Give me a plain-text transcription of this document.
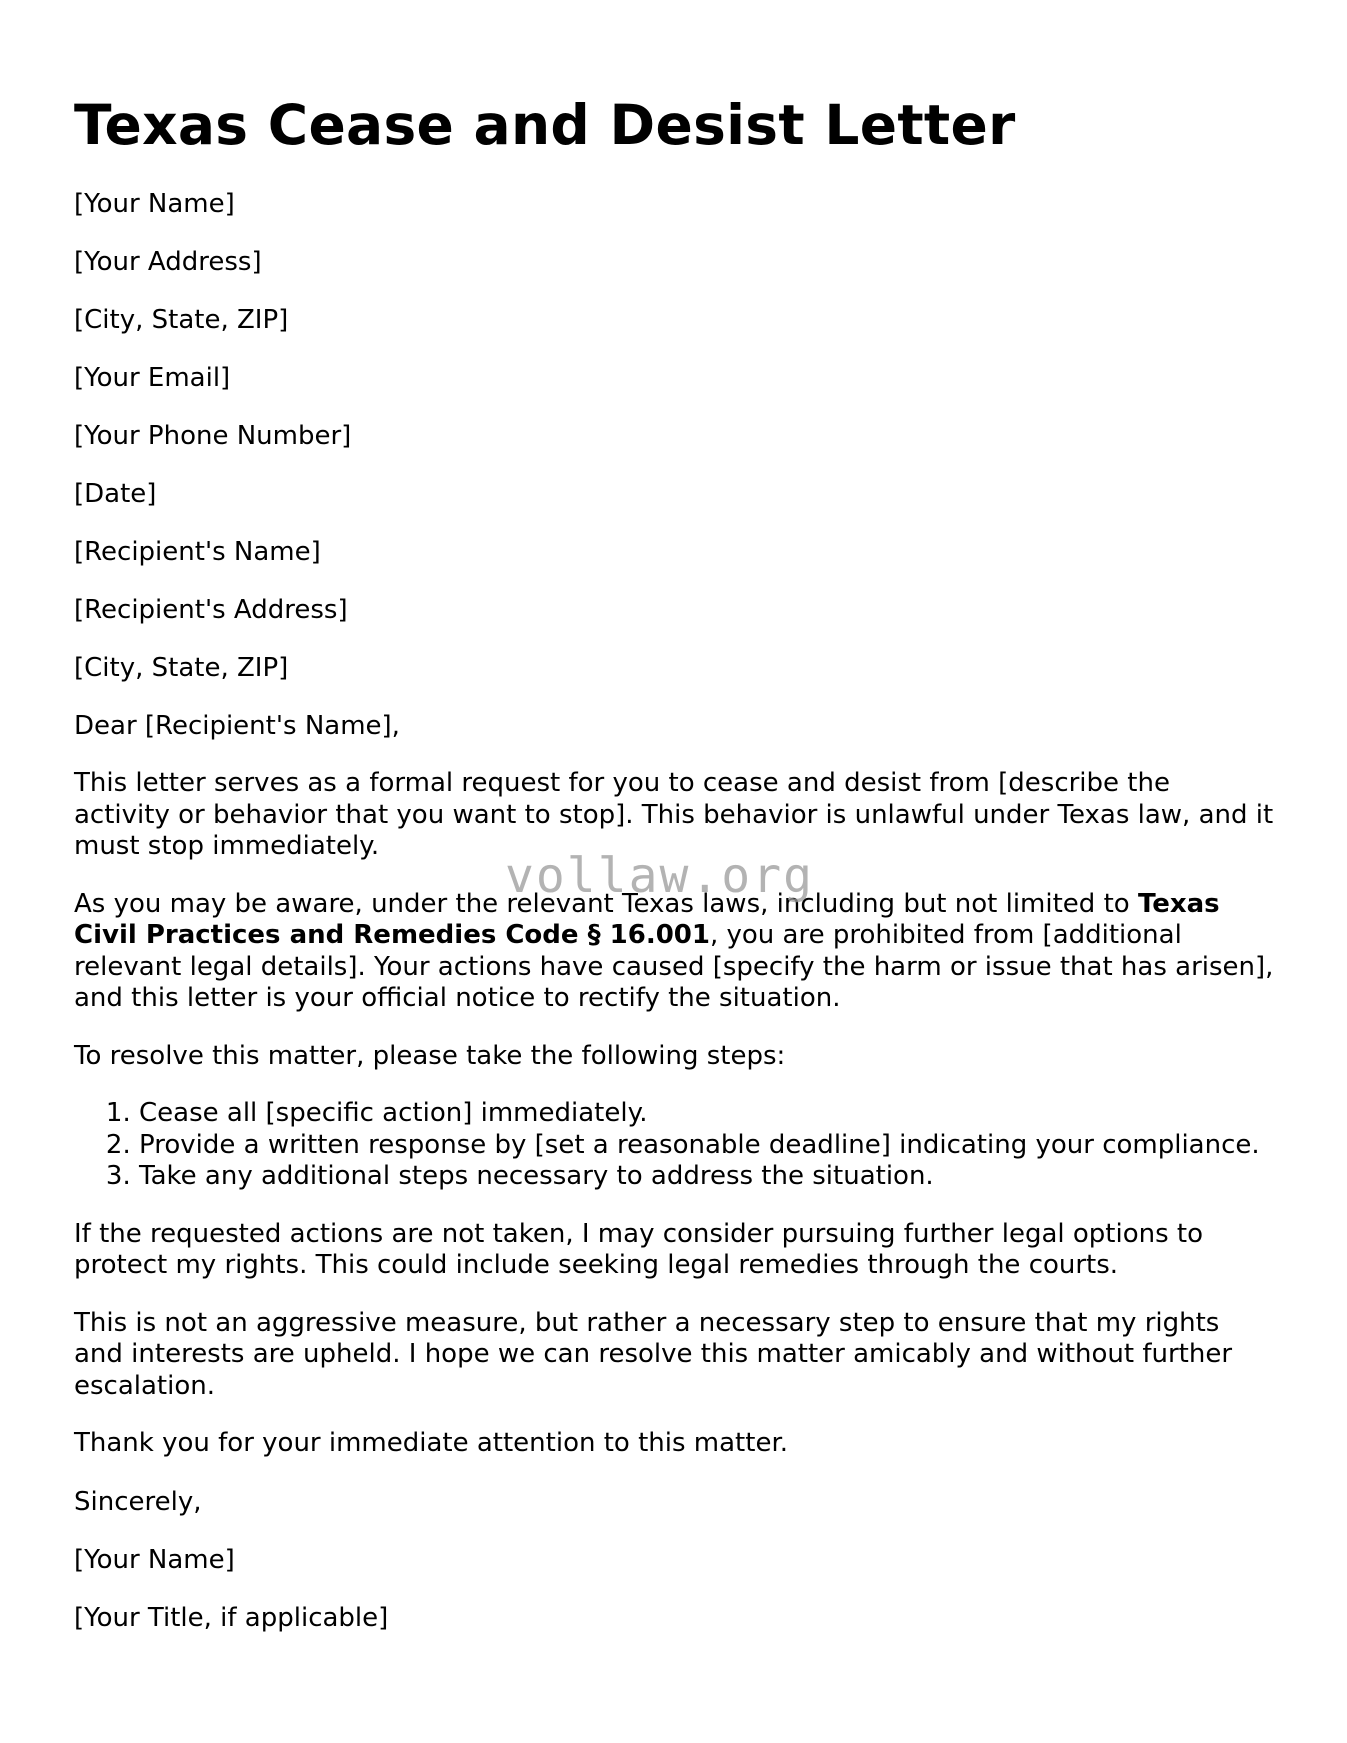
Texas Cease and Desist Letter
[Your Name]
[Your Address]
[City, State, ZIP]
[Your Email]
[Your Phone Number]
[Date]
[Recipient's Name]
[Recipient's Address]
[City, State, ZIP]
Dear [Recipient's Name],

This letter serves as a formal request for you to cease and desist from [describe the activity or behavior that you want to stop]. This behavior is unlawful under Texas law, and it must stop immediately.

As you may be aware, under the relevant Texas laws, including but not limited to Texas Civil Practices and Remedies Code § 16.001, you are prohibited from [additional relevant legal details]. Your actions have caused [specify the harm or issue that has arisen], and this letter is your official notice to rectify the situation.

To resolve this matter, please take the following steps:

1. Cease all [specific action] immediately.
2. Provide a written response by [set a reasonable deadline] indicating your compliance.
3. Take any additional steps necessary to address the situation.

If the requested actions are not taken, I may consider pursuing further legal options to protect my rights. This could include seeking legal remedies through the courts.

This is not an aggressive measure, but rather a necessary step to ensure that my rights and interests are upheld. I hope we can resolve this matter amicably and without further escalation.

Thank you for your immediate attention to this matter.

Sincerely,
[Your Name]
[Your Title, if applicable]
vollaw.org
